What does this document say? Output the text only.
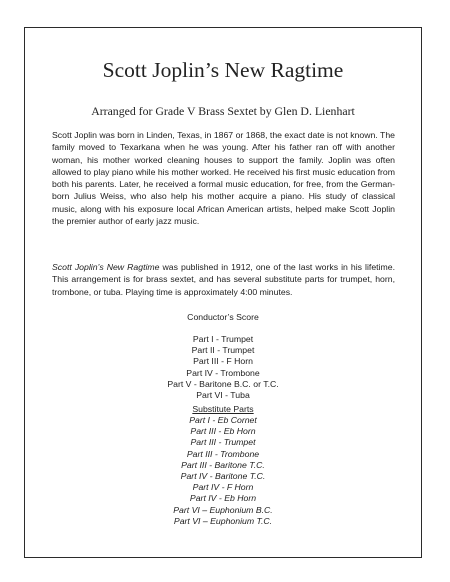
Scott Joplin’s New Ragtime
Arranged for Grade V Brass Sextet by Glen D. Lienhart

Scott Joplin was born in Linden, Texas, in 1867 or 1868, the exact date is not known. The family moved to Texarkana when he was young. After his father ran off with another woman, his mother worked cleaning houses to support the family. Joplin was often allowed to play piano while his mother worked. He received his first music education from both his parents. Later, he received a formal music education, for free, from the German-born Julius Weiss, who also help his mother acquire a piano. His study of classical music, along with his exposure local African American artists, helped make Scott Joplin the premier author of early jazz music.

Scott Joplin’s New Ragtime was published in 1912, one of the last works in his lifetime. This arrangement is for brass sextet, and has several substitute parts for trumpet, horn, trombone, or tuba. Playing time is approximately 4:00 minutes.

Conductor’s Score
Part I - Trumpet
Part II - Trumpet
Part III - F Horn
Part IV - Trombone
Part V - Baritone B.C. or T.C.
Part VI - Tuba
Substitute Parts
Part I - Eb Cornet
Part III - Eb Horn
Part III - Trumpet
Part III - Trombone
Part III - Baritone T.C.
Part IV - Baritone T.C.
Part IV - F Horn
Part IV - Eb Horn
Part VI – Euphonium B.C.
Part VI – Euphonium T.C.
